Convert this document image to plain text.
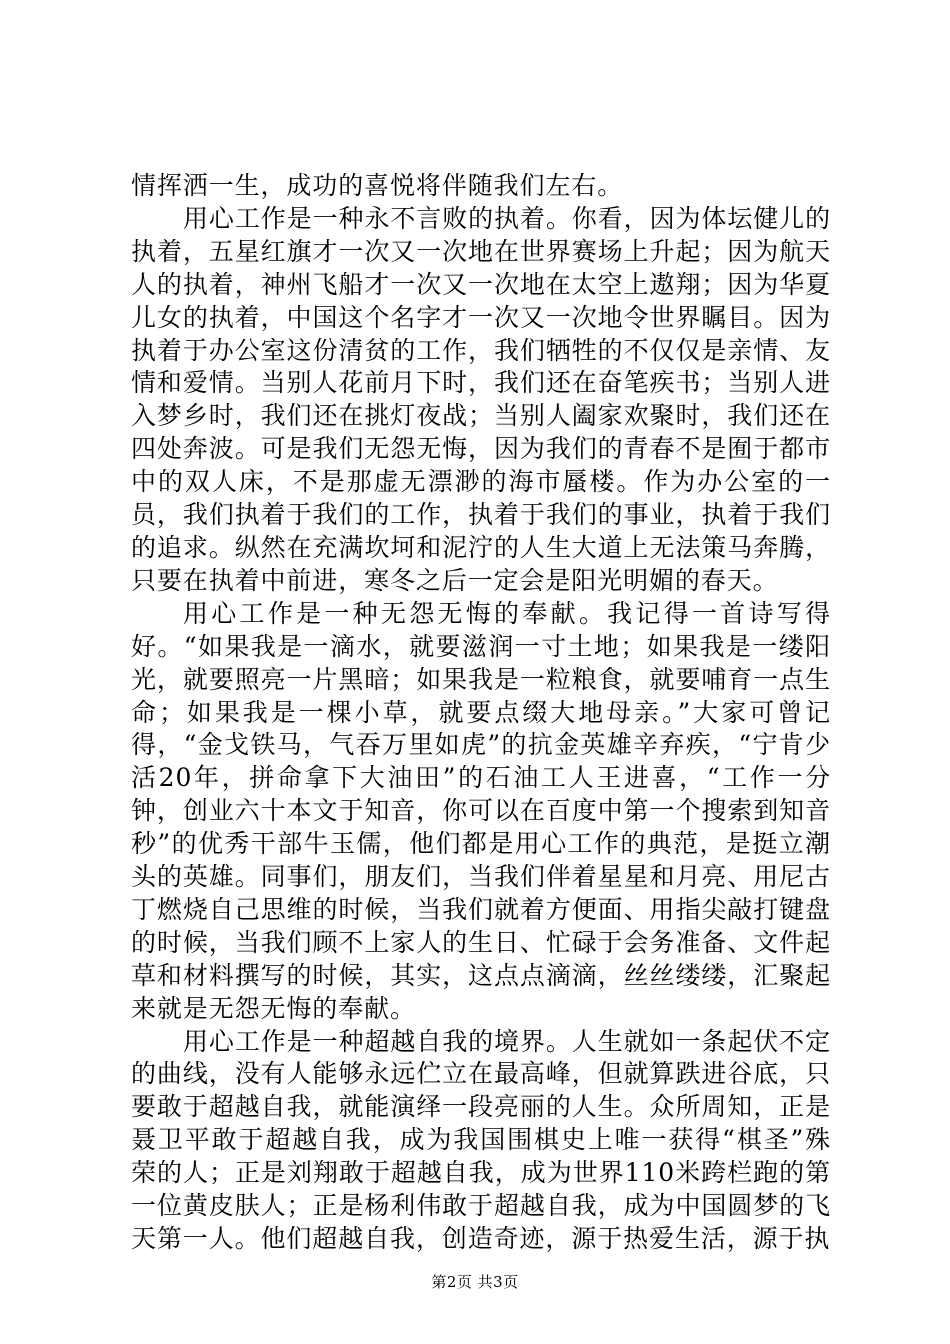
情挥洒一生，成功的喜悦将伴随我们左右。

用心工作是一种永不言败的执着。你看，因为体坛健儿的执着，五星红旗才一次又一次地在世界赛场上升起；因为航天人的执着，神州飞船才一次又一次地在太空上遨翔；因为华夏儿女的执着，中国这个名字才一次又一次地令世界瞩目。因为执着于办公室这份清贫的工作，我们牺牲的不仅仅是亲情、友情和爱情。当别人花前月下时，我们还在奋笔疾书；当别人进入梦乡时，我们还在挑灯夜战；当别人阖家欢聚时，我们还在四处奔波。可是我们无怨无悔，因为我们的青春不是囿于都市中的双人床，不是那虚无漂渺的海市蜃楼。作为办公室的一员，我们执着于我们的工作，执着于我们的事业，执着于我们的追求。纵然在充满坎坷和泥泞的人生大道上无法策马奔腾，只要在执着中前进，寒冬之后一定会是阳光明媚的春天。

用心工作是一种无怨无悔的奉献。我记得一首诗写得好。“如果我是一滴水，就要滋润一寸土地；如果我是一缕阳光，就要照亮一片黑暗；如果我是一粒粮食，就要哺育一点生命；如果我是一棵小草，就要点缀大地母亲。”大家可曾记得，“金戈铁马，气吞万里如虎”的抗金英雄辛弃疾，“宁肯少活20年，拼命拿下大油田”的石油工人王进喜，“工作一分钟，创业六十本文于知音，你可以在百度中第一个搜索到知音秒”的优秀干部牛玉儒，他们都是用心工作的典范，是挺立潮头的英雄。同事们，朋友们，当我们伴着星星和月亮、用尼古丁燃烧自己思维的时候，当我们就着方便面、用指尖敲打键盘的时候，当我们顾不上家人的生日、忙碌于会务准备、文件起草和材料撰写的时候，其实，这点点滴滴，丝丝缕缕，汇聚起来就是无怨无悔的奉献。

用心工作是一种超越自我的境界。人生就如一条起伏不定的曲线，没有人能够永远伫立在最高峰，但就算跌进谷底，只要敢于超越自我，就能演绎一段亮丽的人生。众所周知，正是聂卫平敢于超越自我，成为我国围棋史上唯一获得“棋圣”殊荣的人；正是刘翔敢于超越自我，成为世界110米跨栏跑的第一位黄皮肤人；正是杨利伟敢于超越自我，成为中国圆梦的飞天第一人。他们超越自我，创造奇迹，源于热爱生活，源于执

第2页 共3页
